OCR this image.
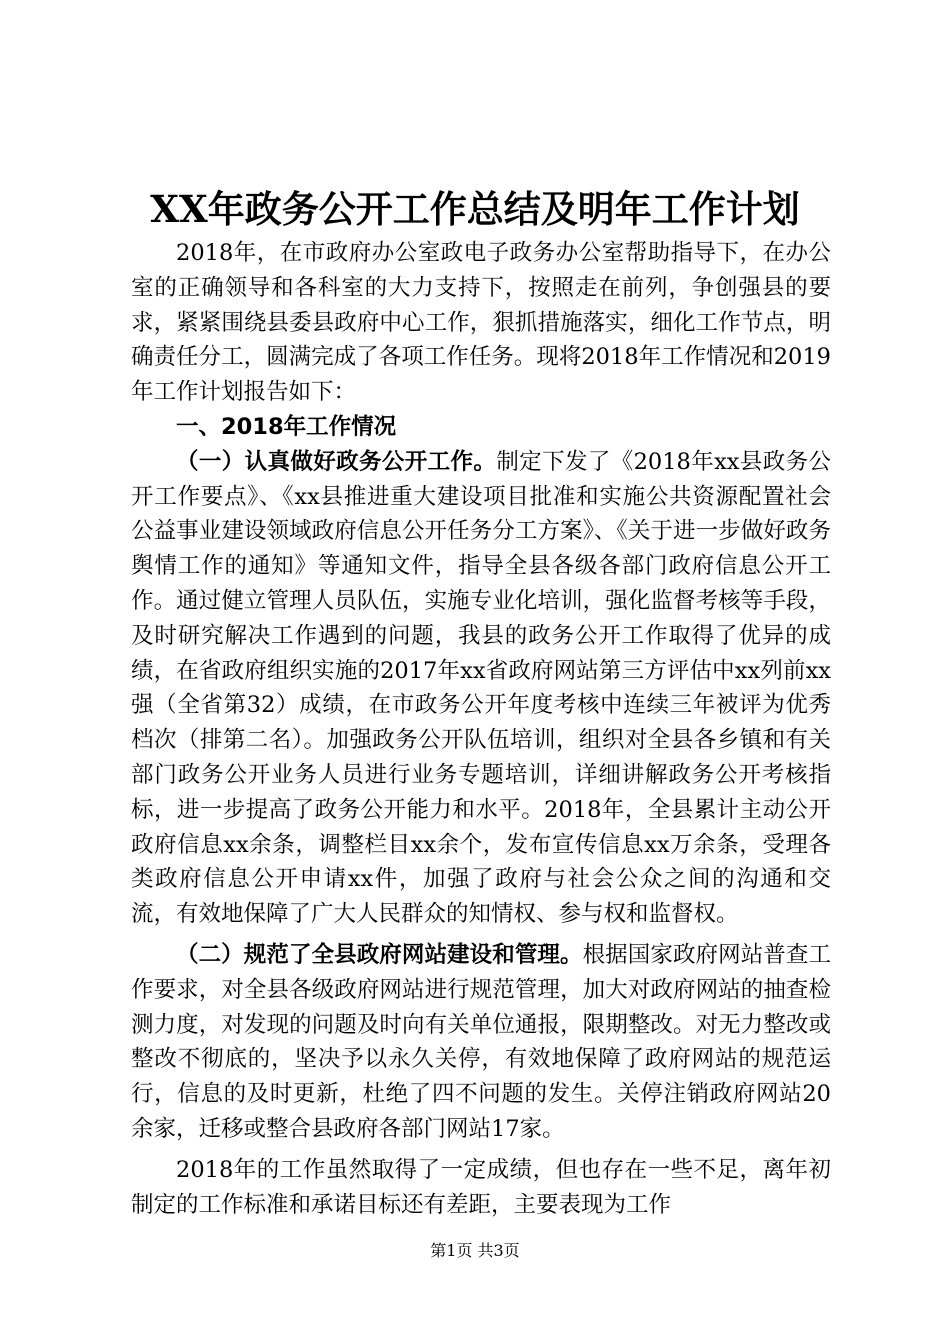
XX年政务公开工作总结及明年工作计划

2018年，在市政府办公室政电子政务办公室帮助指导下，在办公室的正确领导和各科室的大力支持下，按照走在前列，争创强县的要求，紧紧围绕县委县政府中心工作，狠抓措施落实，细化工作节点，明确责任分工，圆满完成了各项工作任务。现将2018年工作情况和2019年工作计划报告如下：

一、2018年工作情况

（一）认真做好政务公开工作。制定下发了《2018年xx县政务公开工作要点》、《xx县推进重大建设项目批准和实施公共资源配置社会公益事业建设领域政府信息公开任务分工方案》、《关于进一步做好政务舆情工作的通知》等通知文件，指导全县各级各部门政府信息公开工作。通过健立管理人员队伍，实施专业化培训，强化监督考核等手段，及时研究解决工作遇到的问题，我县的政务公开工作取得了优异的成绩，在省政府组织实施的2017年xx省政府网站第三方评估中xx列前xx强（全省第32）成绩，在市政务公开年度考核中连续三年被评为优秀档次（排第二名）。加强政务公开队伍培训，组织对全县各乡镇和有关部门政务公开业务人员进行业务专题培训，详细讲解政务公开考核指标，进一步提高了政务公开能力和水平。2018年，全县累计主动公开政府信息xx余条，调整栏目xx余个，发布宣传信息xx万余条，受理各类政府信息公开申请xx件，加强了政府与社会公众之间的沟通和交流，有效地保障了广大人民群众的知情权、参与权和监督权。

（二）规范了全县政府网站建设和管理。根据国家政府网站普查工作要求，对全县各级政府网站进行规范管理，加大对政府网站的抽查检测力度，对发现的问题及时向有关单位通报，限期整改。对无力整改或整改不彻底的，坚决予以永久关停，有效地保障了政府网站的规范运行，信息的及时更新，杜绝了四不问题的发生。关停注销政府网站20余家，迁移或整合县政府各部门网站17家。

2018年的工作虽然取得了一定成绩，但也存在一些不足，离年初制定的工作标准和承诺目标还有差距，主要表现为工作

第1页 共3页
